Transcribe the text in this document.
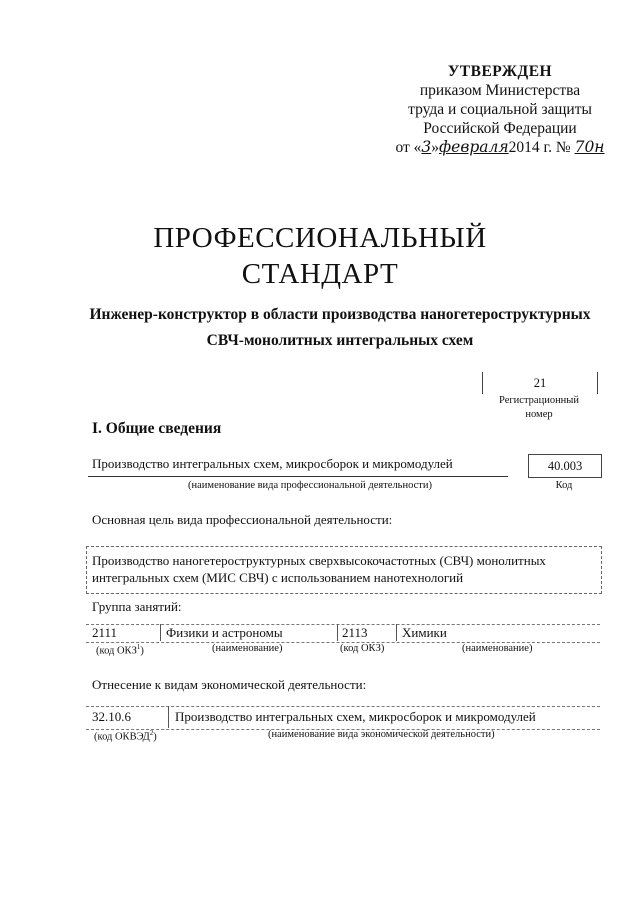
УТВЕРЖДЕН
приказом Министерства
труда и социальной защиты
Российской Федерации
от «3»февраля2014 г. № 70н
ПРОФЕССИОНАЛЬНЫЙ
СТАНДАРТ
Инженер-конструктор в области производства наногетероструктурных
СВЧ-монолитных интегральных схем
21
Регистрационный
номер
I. Общие сведения
Производство интегральных схем, микросборок и микромодулей
(наименование вида профессиональной деятельности)
40.003
Код
Основная цель вида профессиональной деятельности:
Производство наногетероструктурных сверхвысокочастотных (СВЧ) монолитных
интегральных схем (МИС СВЧ) с использованием нанотехнологий
Группа занятий:
2111	Физики и астрономы	2113	Химики
(код ОКЗ$^1$)	(наименование)	(код ОКЗ)	(наименование)
Отнесение к видам экономической деятельности:
32.10.6	Производство интегральных схем, микросборок и микромодулей
(код ОКВЭД$^2$)	(наименование вида экономической деятельности)
